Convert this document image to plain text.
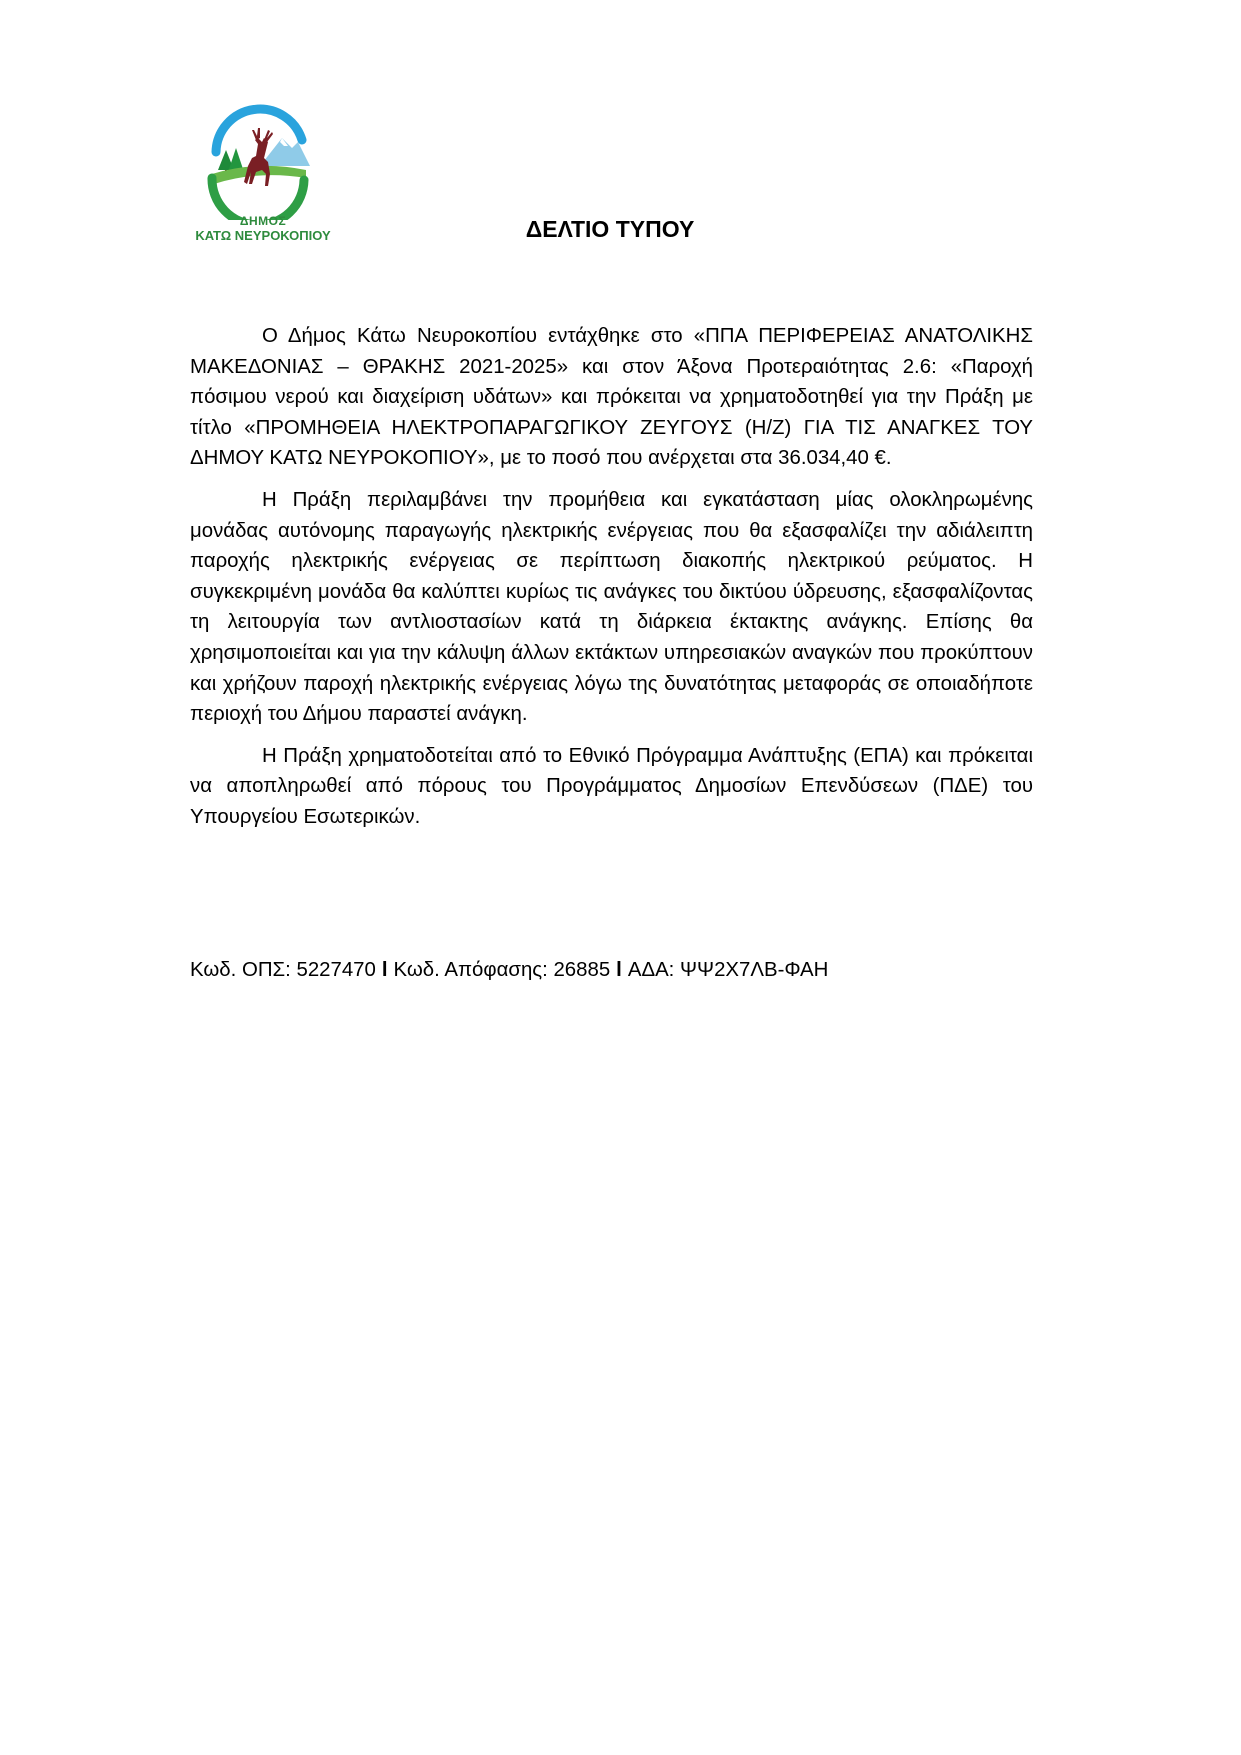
ΔΗΜΟΣ
ΚΑΤΩ ΝΕΥΡΟΚΟΠΙΟΥ	ΔΕΛΤΙΟ ΤΥΠΟΥ

Ο Δήμος Κάτω Νευροκοπίου εντάχθηκε στο «ΠΠΑ ΠΕΡΙΦΕΡΕΙΑΣ ΑΝΑΤΟΛΙΚΗΣ ΜΑΚΕΔΟΝΙΑΣ – ΘΡΑΚΗΣ 2021-2025» και στον Άξονα Προτεραιότητας 2.6: «Παροχή πόσιμου νερού και διαχείριση υδάτων» και πρόκειται να χρηματοδοτηθεί για την Πράξη με τίτλο «ΠΡΟΜΗΘΕΙΑ ΗΛΕΚΤΡΟΠΑΡΑΓΩΓΙΚΟΥ ΖΕΥΓΟΥΣ (Η/Ζ) ΓΙΑ ΤΙΣ ΑΝΑΓΚΕΣ ΤΟΥ ΔΗΜΟΥ ΚΑΤΩ ΝΕΥΡΟΚΟΠΙΟΥ», με το ποσό που ανέρχεται στα 36.034,40 €.

Η Πράξη περιλαμβάνει την προμήθεια και εγκατάσταση μίας ολοκληρωμένης μονάδας αυτόνομης παραγωγής ηλεκτρικής ενέργειας που θα εξασφαλίζει την αδιάλειπτη παροχής ηλεκτρικής ενέργειας σε περίπτωση διακοπής ηλεκτρικού ρεύματος. Η συγκεκριμένη μονάδα θα καλύπτει κυρίως τις ανάγκες του δικτύου ύδρευσης, εξασφαλίζοντας τη λειτουργία των αντλιοστασίων κατά τη διάρκεια έκτακτης ανάγκης. Επίσης θα χρησιμοποιείται και για την κάλυψη άλλων εκτάκτων υπηρεσιακών αναγκών που προκύπτουν και χρήζουν παροχή ηλεκτρικής ενέργειας λόγω της δυνατότητας μεταφοράς σε οποιαδήποτε περιοχή του Δήμου παραστεί ανάγκη.

Η Πράξη χρηματοδοτείται από το Εθνικό Πρόγραμμα Ανάπτυξης (ΕΠΑ) και πρόκειται να αποπληρωθεί από πόρους του Προγράμματος Δημοσίων Επενδύσεων (ΠΔΕ) του Υπουργείου Εσωτερικών.

Κωδ. ΟΠΣ: 5227470 l Κωδ. Απόφασης: 26885 l ΑΔΑ: ΨΨ2Χ7ΛΒ-ΦΑΗ
